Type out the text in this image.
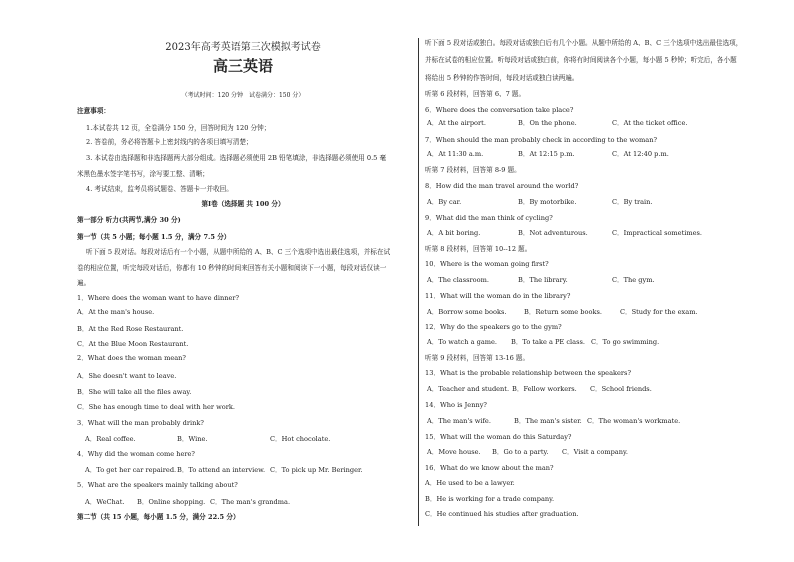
2023年高考英语第三次模拟考试卷
高三英语
（考试时间：120 分钟　试卷满分：150 分）
注意事项：
1.本试卷共 12 页，全卷满分 150 分，回答时间为 120 分钟；
2. 答卷前，务必将答题卡上密封线内的各项目填写清楚；
3. 本试卷由选择题和非选择题两大部分组成。选择题必须使用 2B 铅笔填涂，非选择题必须使用 0.5 毫
米黑色墨水签字笔书写，涂写要工整、清晰；
4. 考试结束，监考员将试题卷、答题卡一并收回。
第Ⅰ卷（选择题 共 100 分）
第一部分 听力(共两节,满分 30 分)
第一节（共 5 小题；每小题 1.5 分，满分 7.5 分）
听下面 5 段对话。每段对话后有一个小题，从题中所给的 A、B、C 三个选项中选出最佳选项，并标在试
卷的相应位置，听完每段对话后，你都有 10 秒钟的时间来回答有关小题和阅读下一小题，每段对话仅读一
遍。
1．Where does the woman want to have dinner?
A．At the man's house.
B．At the Red Rose Restaurant.
C．At the Blue Moon Restaurant.
2．What does the woman mean?
A．She doesn't want to leave.
B．She will take all the files away.
C．She has enough time to deal with her work.
3．What will the man probably drink?
A．Real coffee.	B．Wine.	C．Hot chocolate.
4．Why did the woman come here?
A．To get her car repaired. B．To attend an interview. C．To pick up Mr. Beringer.
5．What are the speakers mainly talking about?
A．WeChat. B．Online shopping. C．The man's grandma.
第二节（共 15 小题，每小题 1.5 分，满分 22.5 分）
听下面 5 段对话或独白。每段对话或独白后有几个小题。从题中所给的 A、B、C 三个选项中选出最佳选项，
并标在试卷的相应位置。听每段对话或独白前，你将有时间阅读各个小题，每小题 5 秒钟；听完后，各小题
将给出 5 秒钟的作答时间，每段对话或独白读两遍。
听第 6 段材料，回答第 6、7 题。
6．Where does the conversation take place?
A．At the airport.	B．On the phone.	C．At the ticket office.
7．When should the man probably check in according to the woman?
A．At 11:30 a.m.	B．At 12:15 p.m.	C．At 12:40 p.m.
听第 7 段材料，回答第 8-9 题。
8．How did the man travel around the world?
A．By car.	B．By motorbike.	C．By train.
9．What did the man think of cycling?
A．A bit boring.	B．Not adventurous.	C．Impractical sometimes.
听第 8 段材料，回答第 10--12 题。
10．Where is the woman going first?
A．The classroom.	B．The library.	C．The gym.
11．What will the woman do in the library?
A．Borrow some books.	B．Return some books.	C．Study for the exam.
12．Why do the speakers go to the gym?
A．To watch a game. B．To take a PE class. C．To go swimming.
听第 9 段材料，回答第 13-16 题。
13．What is the probable relationship between the speakers?
A．Teacher and student. B．Fellow workers. C．School friends.
14．Who is Jenny?
A．The man's wife.	B．The man's sister. C．The woman's workmate.
15．What will the woman do this Saturday?
A．Move house. B．Go to a party. C．Visit a company.
16．What do we know about the man?
A．He used to be a lawyer.
B．He is working for a trade company.
C．He continued his studies after graduation.
